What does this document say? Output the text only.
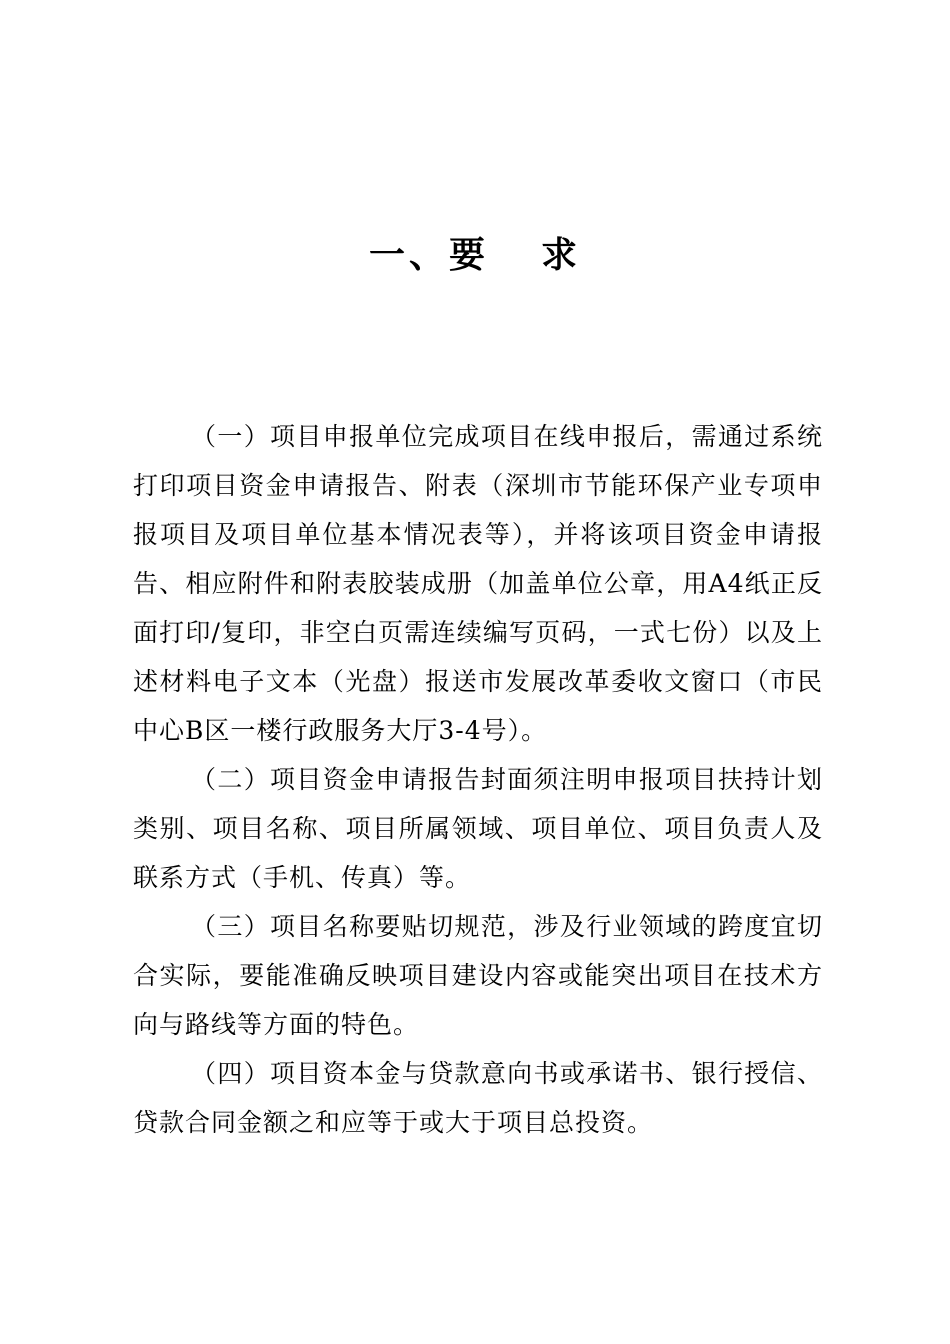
一、要 求

（一）项目申报单位完成项目在线申报后，需通过系统打印项目资金申请报告、附表（深圳市节能环保产业专项申报项目及项目单位基本情况表等），并将该项目资金申请报告、相应附件和附表胶装成册（加盖单位公章，用A4纸正反面打印/复印，非空白页需连续编写页码，一式七份）以及上述材料电子文本（光盘）报送市发展改革委收文窗口（市民中心B区一楼行政服务大厅3-4号）。

（二）项目资金申请报告封面须注明申报项目扶持计划类别、项目名称、项目所属领域、项目单位、项目负责人及联系方式（手机、传真）等。

（三）项目名称要贴切规范，涉及行业领域的跨度宜切合实际，要能准确反映项目建设内容或能突出项目在技术方向与路线等方面的特色。

（四）项目资本金与贷款意向书或承诺书、银行授信、贷款合同金额之和应等于或大于项目总投资。
